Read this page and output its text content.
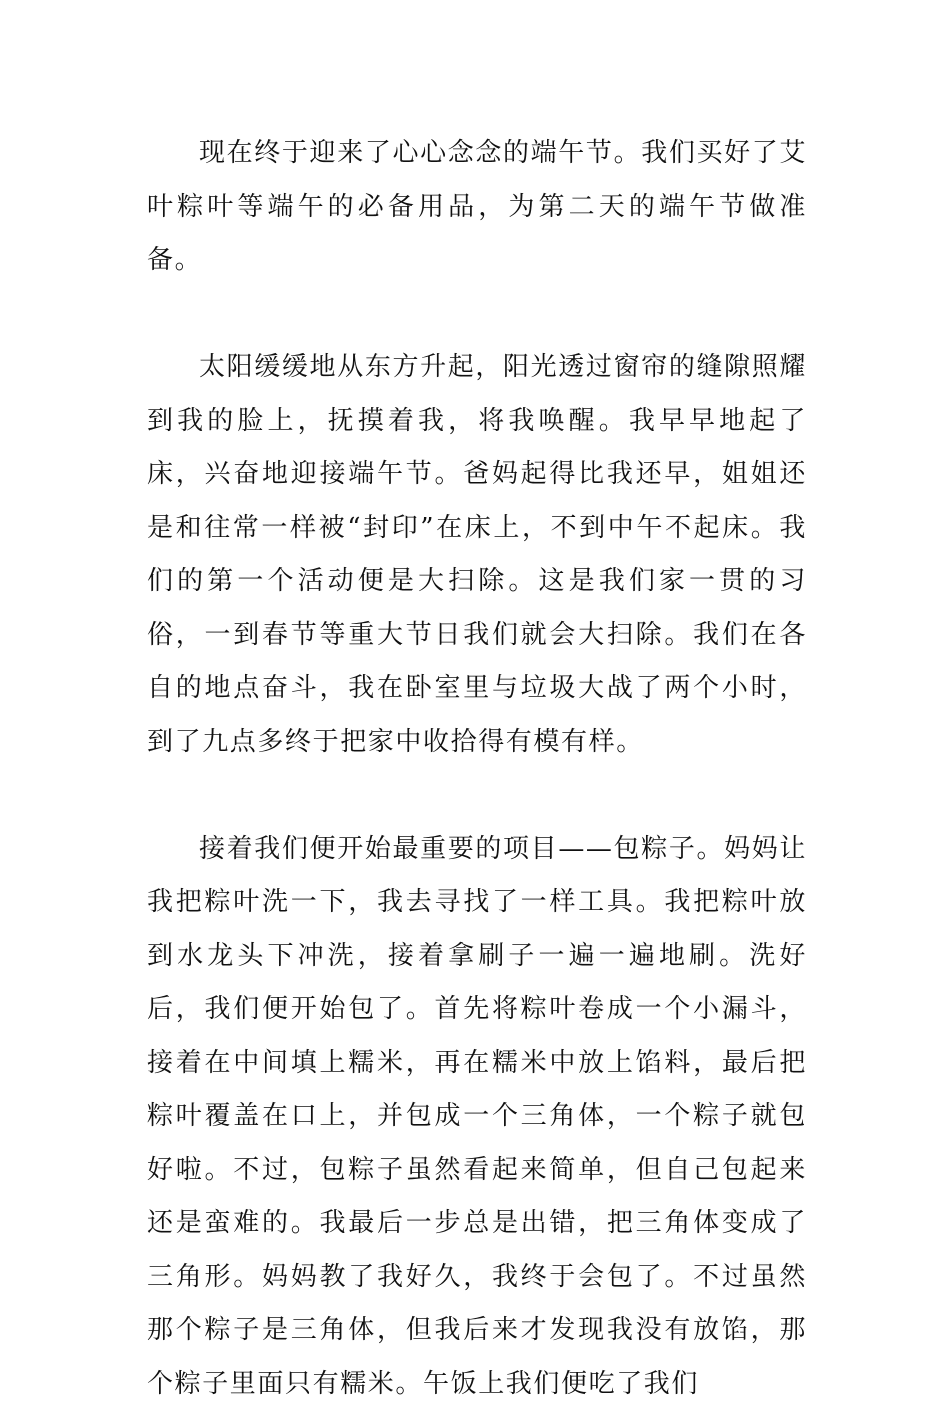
现在终于迎来了心心念念的端午节。我们买好了艾叶粽叶等端午的必备用品，为第二天的端午节做准备。

太阳缓缓地从东方升起，阳光透过窗帘的缝隙照耀到我的脸上，抚摸着我，将我唤醒。我早早地起了床，兴奋地迎接端午节。爸妈起得比我还早，姐姐还是和往常一样被“封印”在床上，不到中午不起床。我们的第一个活动便是大扫除。这是我们家一贯的习俗，一到春节等重大节日我们就会大扫除。我们在各自的地点奋斗，我在卧室里与垃圾大战了两个小时，到了九点多终于把家中收拾得有模有样。

接着我们便开始最重要的项目——包粽子。妈妈让我把粽叶洗一下，我去寻找了一样工具。我把粽叶放到水龙头下冲洗，接着拿刷子一遍一遍地刷。洗好后，我们便开始包了。首先将粽叶卷成一个小漏斗，接着在中间填上糯米，再在糯米中放上馅料，最后把粽叶覆盖在口上，并包成一个三角体，一个粽子就包好啦。不过，包粽子虽然看起来简单，但自己包起来还是蛮难的。我最后一步总是出错，把三角体变成了三角形。妈妈教了我好久，我终于会包了。不过虽然那个粽子是三角体，但我后来才发现我没有放馅，那个粽子里面只有糯米。午饭上我们便吃了我们
